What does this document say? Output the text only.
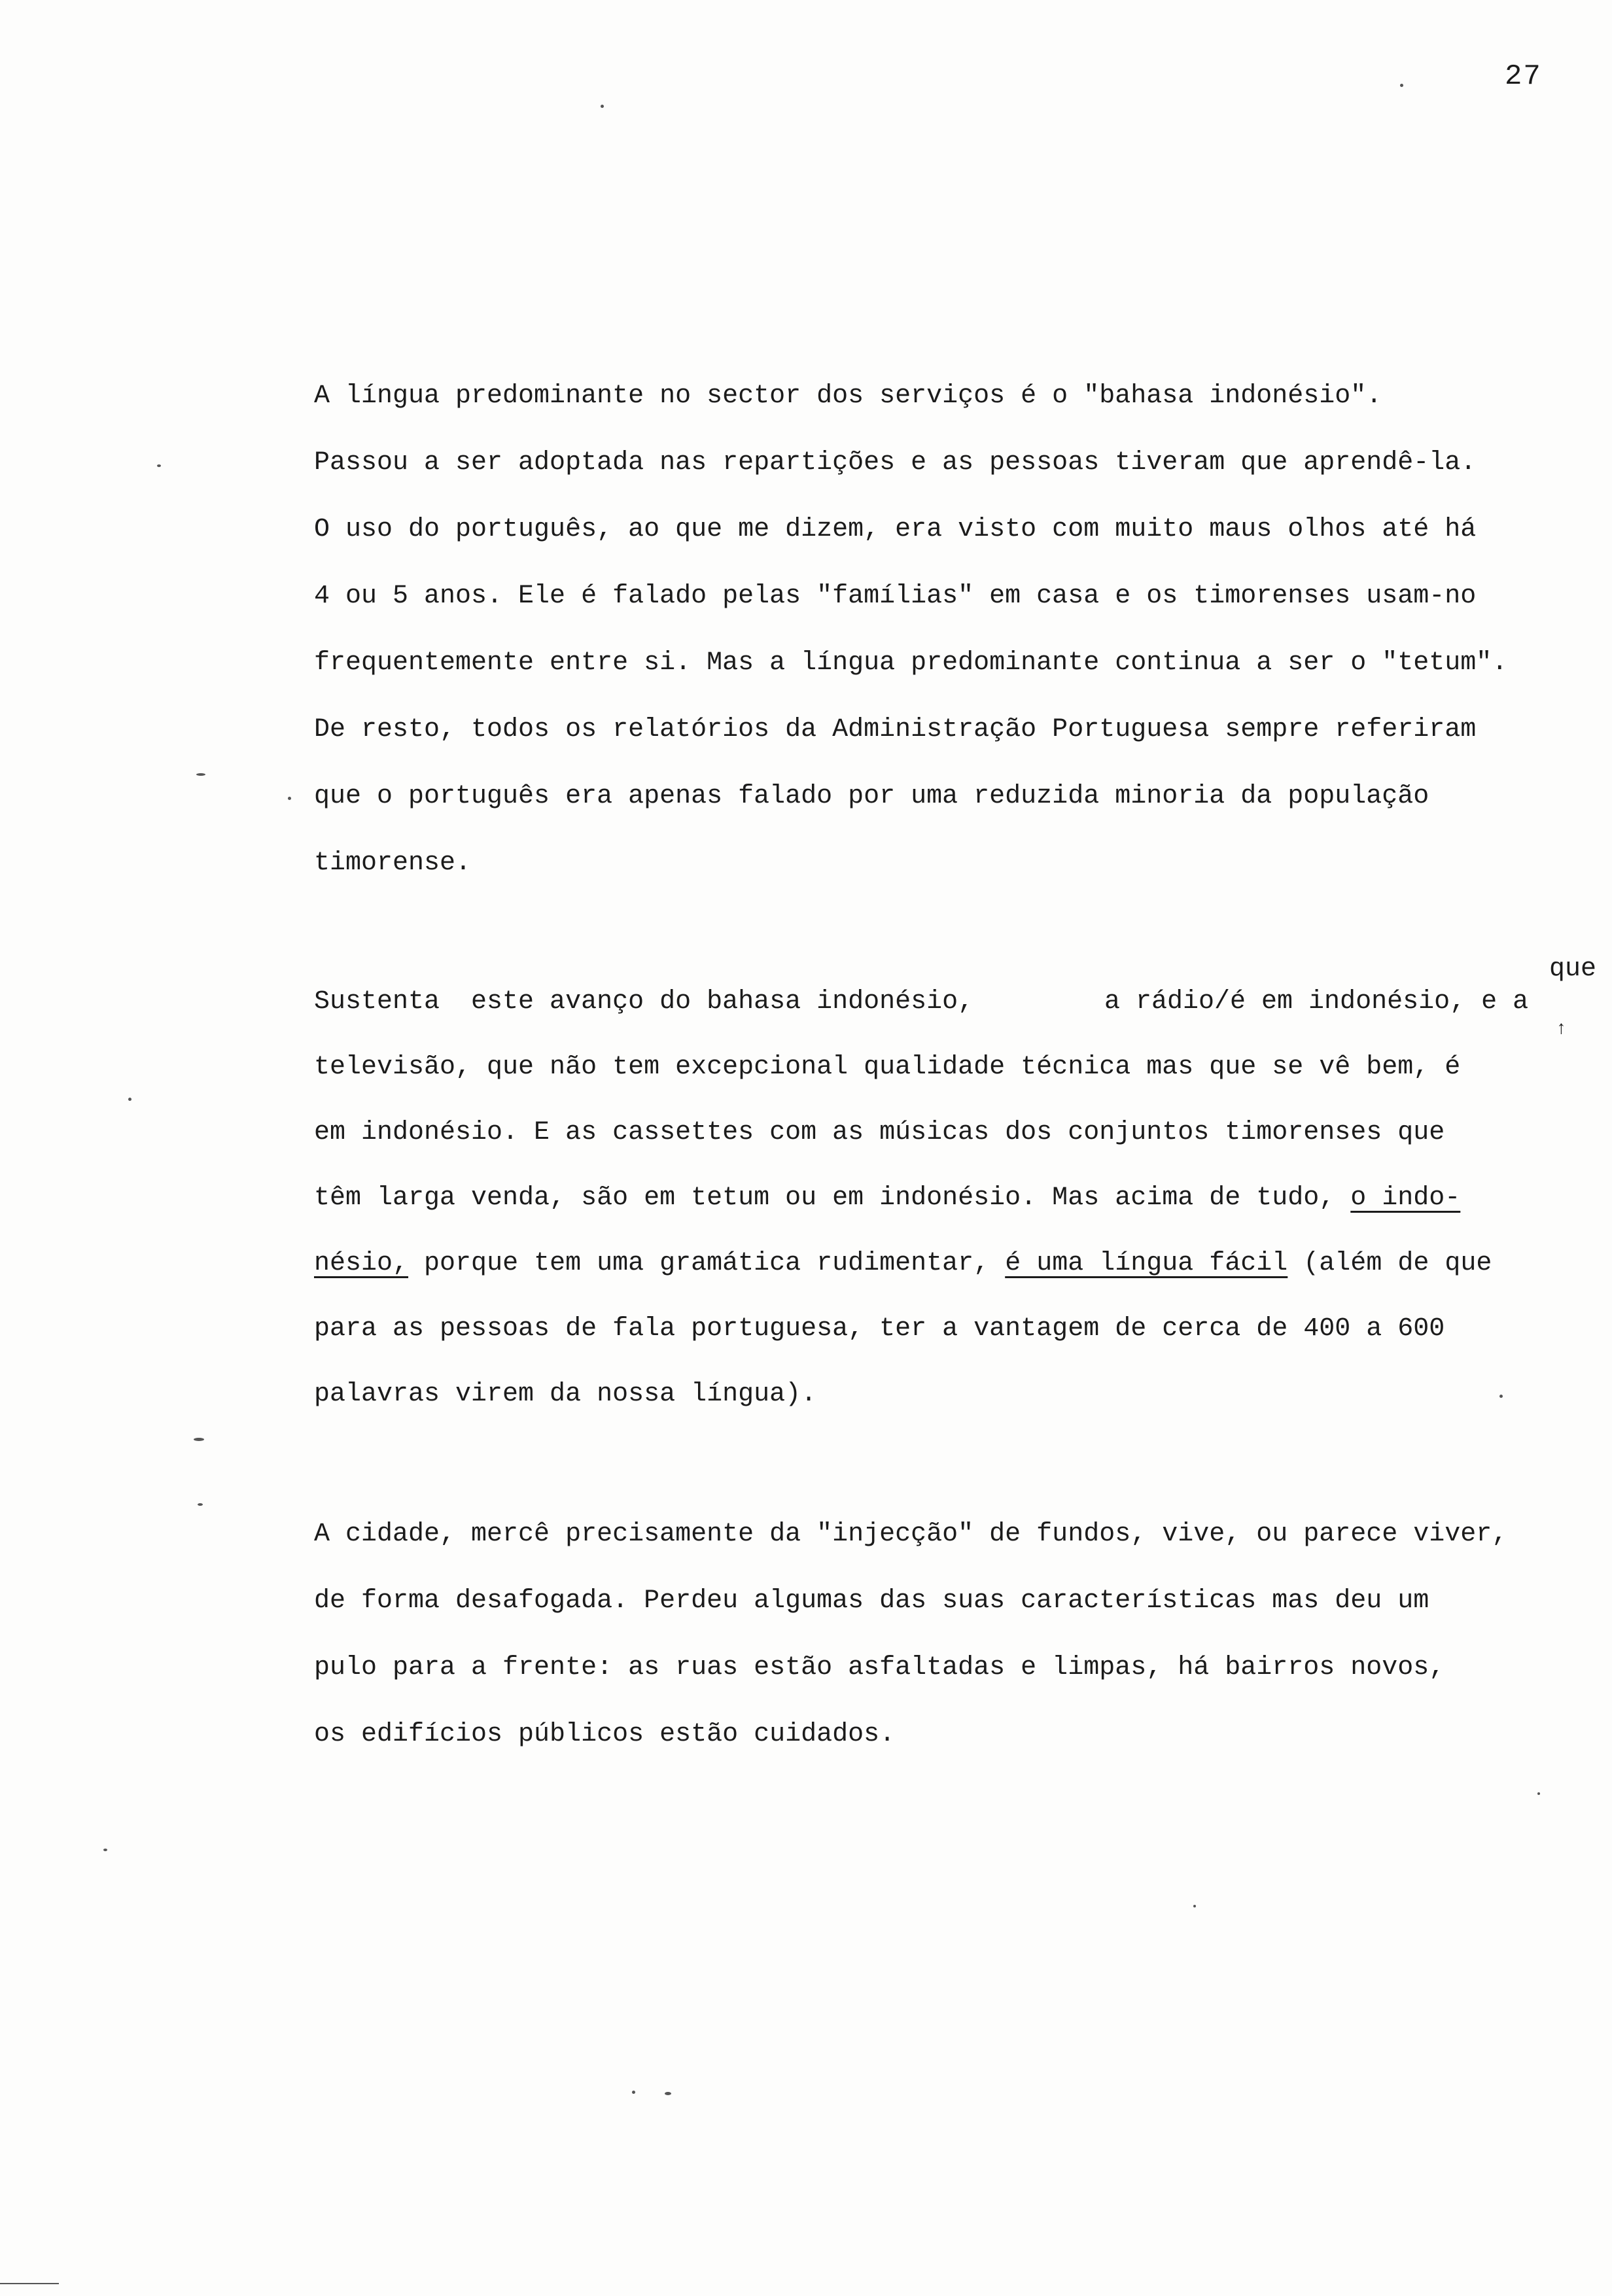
27
A língua predominante no sector dos serviços é o "bahasa indonésio".
Passou a ser adoptada nas repartições e as pessoas tiveram que aprendê-la.
O uso do português, ao que me dizem, era visto com muito maus olhos até há
4 ou 5 anos. Ele é falado pelas "famílias" em casa e os timorenses usam-no
frequentemente entre si. Mas a língua predominante continua a ser o "tetum".
De resto, todos os relatórios da Administração Portuguesa sempre referiram
que o português era apenas falado por uma reduzida minoria da população
timorense.
Sustenta  este avanço do bahasa indonésio,	a rádio/é em indonésio, e a
que
↑
televisão, que não tem excepcional qualidade técnica mas que se vê bem, é
em indonésio. E as cassettes com as músicas dos conjuntos timorenses que
têm larga venda, são em tetum ou em indonésio. Mas acima de tudo, o indo-
nésio, porque tem uma gramática rudimentar, é uma língua fácil (além de que
para as pessoas de fala portuguesa, ter a vantagem de cerca de 400 a 600
palavras virem da nossa língua).
A cidade, mercê precisamente da "injecção" de fundos, vive, ou parece viver,
de forma desafogada. Perdeu algumas das suas características mas deu um
pulo para a frente: as ruas estão asfaltadas e limpas, há bairros novos,
os edifícios públicos estão cuidados.
